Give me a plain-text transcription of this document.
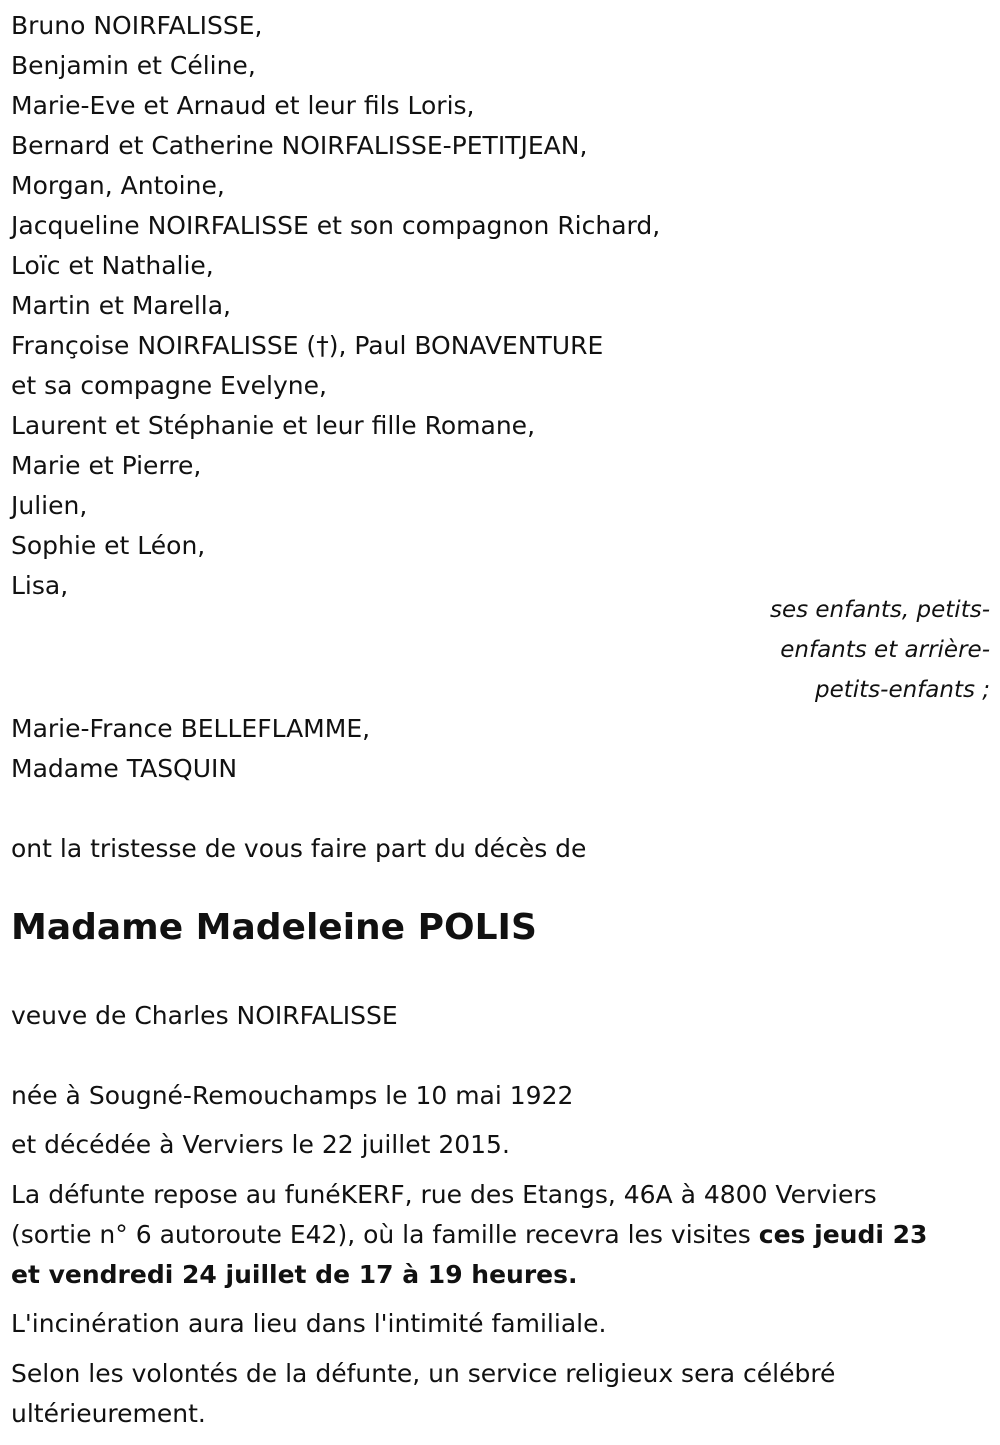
Bruno NOIRFALISSE,
Benjamin et Céline,
Marie-Eve et Arnaud et leur fils Loris,
Bernard et Catherine NOIRFALISSE-PETITJEAN,
Morgan, Antoine,
Jacqueline NOIRFALISSE et son compagnon Richard,
Loïc et Nathalie,
Martin et Marella,
Françoise NOIRFALISSE (†), Paul BONAVENTURE
et sa compagne Evelyne,
Laurent et Stéphanie et leur fille Romane,
Marie et Pierre,
Julien,
Sophie et Léon,
Lisa,
ses enfants, petits-
enfants et arrière-
petits-enfants ;
Marie-France BELLEFLAMME,
Madame TASQUIN
ont la tristesse de vous faire part du décès de
Madame Madeleine POLIS
veuve de Charles NOIRFALISSE
née à Sougné-Remouchamps le 10 mai 1922
et décédée à Verviers le 22 juillet 2015.
La défunte repose au funéKERF, rue des Etangs, 46A à 4800 Verviers
(sortie n° 6 autoroute E42), où la famille recevra les visites ces jeudi 23
et vendredi 24 juillet de 17 à 19 heures.
L'incinération aura lieu dans l'intimité familiale.
Selon les volontés de la défunte, un service religieux sera célébré
ultérieurement.
